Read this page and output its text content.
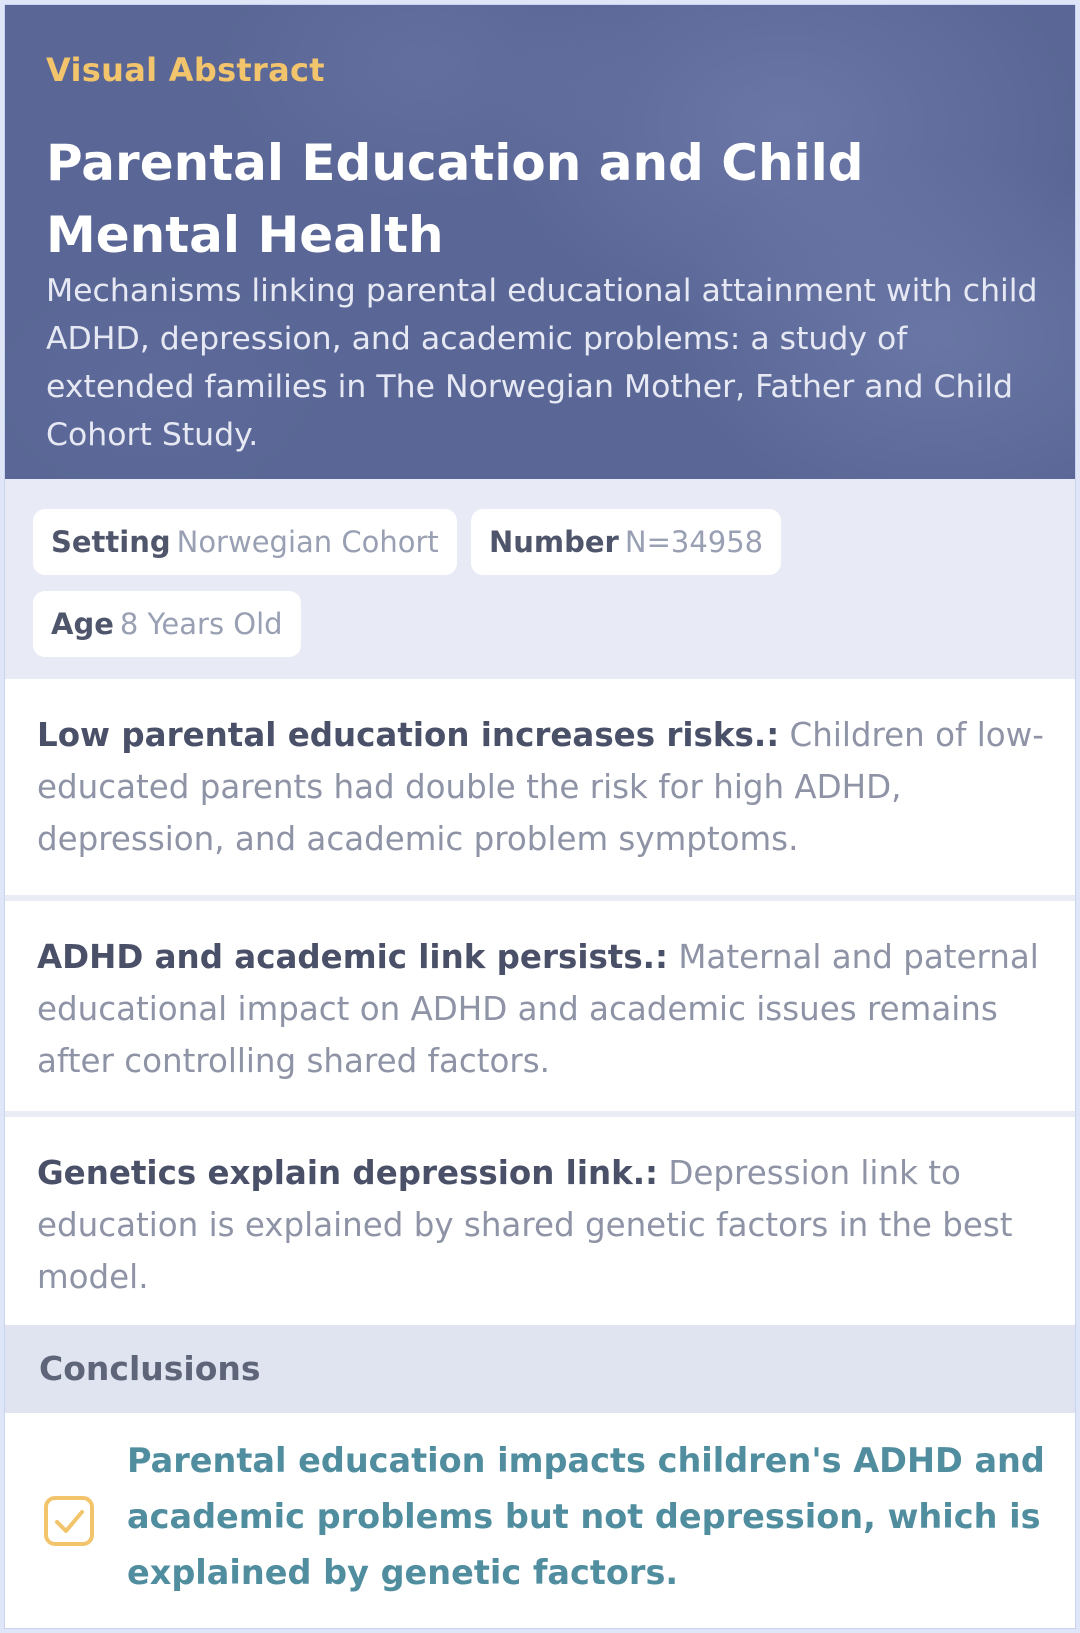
Visual Abstract
Parental Education and Child Mental Health
Mechanisms linking parental educational attainment with child ADHD, depression, and academic problems: a study of extended families in The Norwegian Mother, Father and Child Cohort Study.
Setting Norwegian Cohort	Number N=34958
Age 8 Years Old
Low parental education increases risks.: Children of low-educated parents had double the risk for high ADHD, depression, and academic problem symptoms.
ADHD and academic link persists.: Maternal and paternal educational impact on ADHD and academic issues remains after controlling shared factors.
Genetics explain depression link.: Depression link to education is explained by shared genetic factors in the best model.
Conclusions
Parental education impacts children's ADHD and academic problems but not depression, which is explained by genetic factors.
